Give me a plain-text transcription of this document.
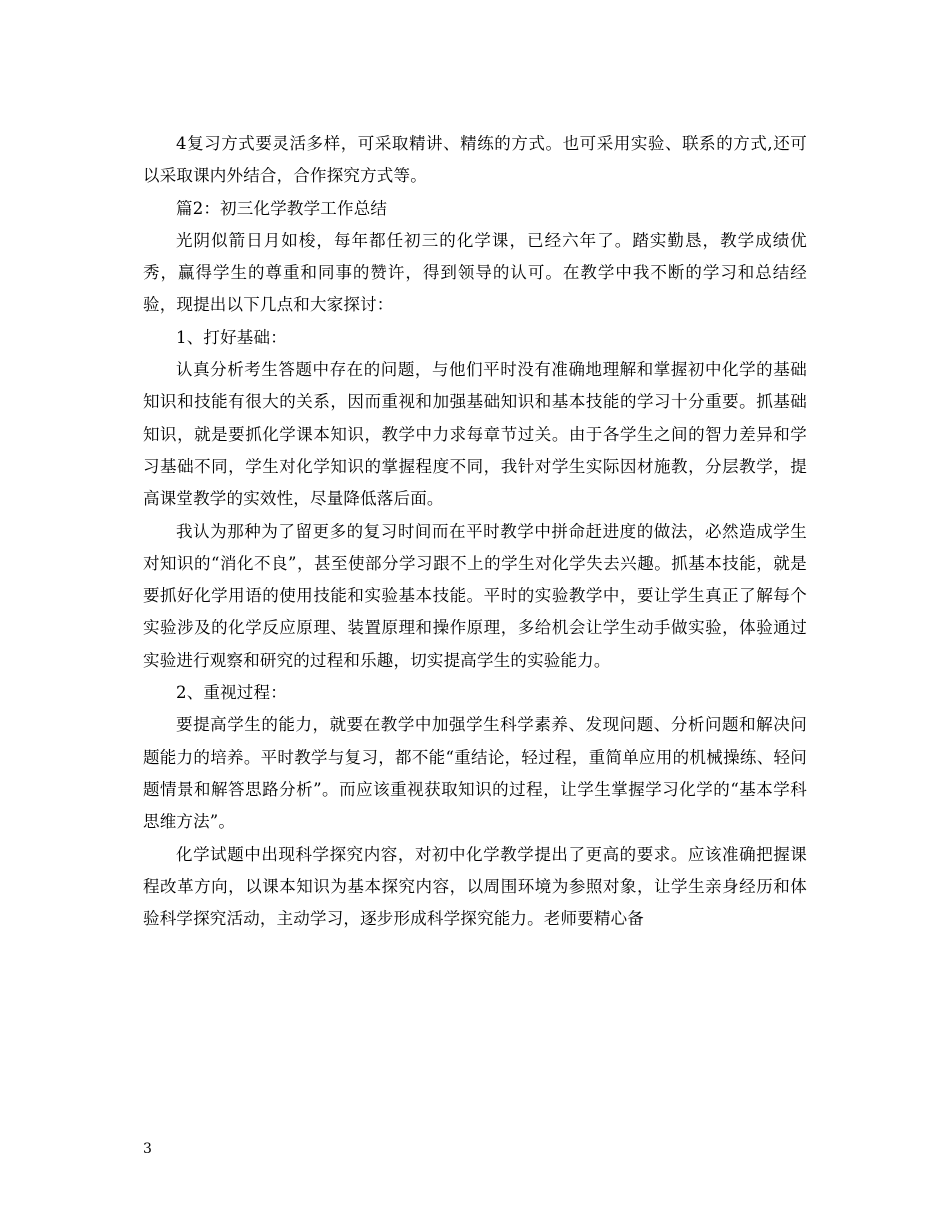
4复习方式要灵活多样，可采取精讲、精练的方式。也可采用实验、联系的方式,还可以采取课内外结合，合作探究方式等。

篇2：初三化学教学工作总结

光阴似箭日月如梭，每年都任初三的化学课，已经六年了。踏实勤恳，教学成绩优秀，赢得学生的尊重和同事的赞许，得到领导的认可。在教学中我不断的学习和总结经验，现提出以下几点和大家探讨：

1、打好基础：

认真分析考生答题中存在的问题，与他们平时没有准确地理解和掌握初中化学的基础知识和技能有很大的关系，因而重视和加强基础知识和基本技能的学习十分重要。抓基础知识，就是要抓化学课本知识，教学中力求每章节过关。由于各学生之间的智力差异和学习基础不同，学生对化学知识的掌握程度不同，我针对学生实际因材施教，分层教学，提高课堂教学的实效性，尽量降低落后面。

我认为那种为了留更多的复习时间而在平时教学中拼命赶进度的做法，必然造成学生对知识的“消化不良”，甚至使部分学习跟不上的学生对化学失去兴趣。抓基本技能，就是要抓好化学用语的使用技能和实验基本技能。平时的实验教学中，要让学生真正了解每个实验涉及的化学反应原理、装置原理和操作原理，多给机会让学生动手做实验，体验通过实验进行观察和研究的过程和乐趣，切实提高学生的实验能力。

2、重视过程：

要提高学生的能力，就要在教学中加强学生科学素养、发现问题、分析问题和解决问题能力的培养。平时教学与复习，都不能“重结论，轻过程，重简单应用的机械操练、轻问题情景和解答思路分析”。而应该重视获取知识的过程，让学生掌握学习化学的“基本学科思维方法”。

化学试题中出现科学探究内容，对初中化学教学提出了更高的要求。应该准确把握课程改革方向，以课本知识为基本探究内容，以周围环境为参照对象，让学生亲身经历和体验科学探究活动，主动学习，逐步形成科学探究能力。老师要精心备

3
